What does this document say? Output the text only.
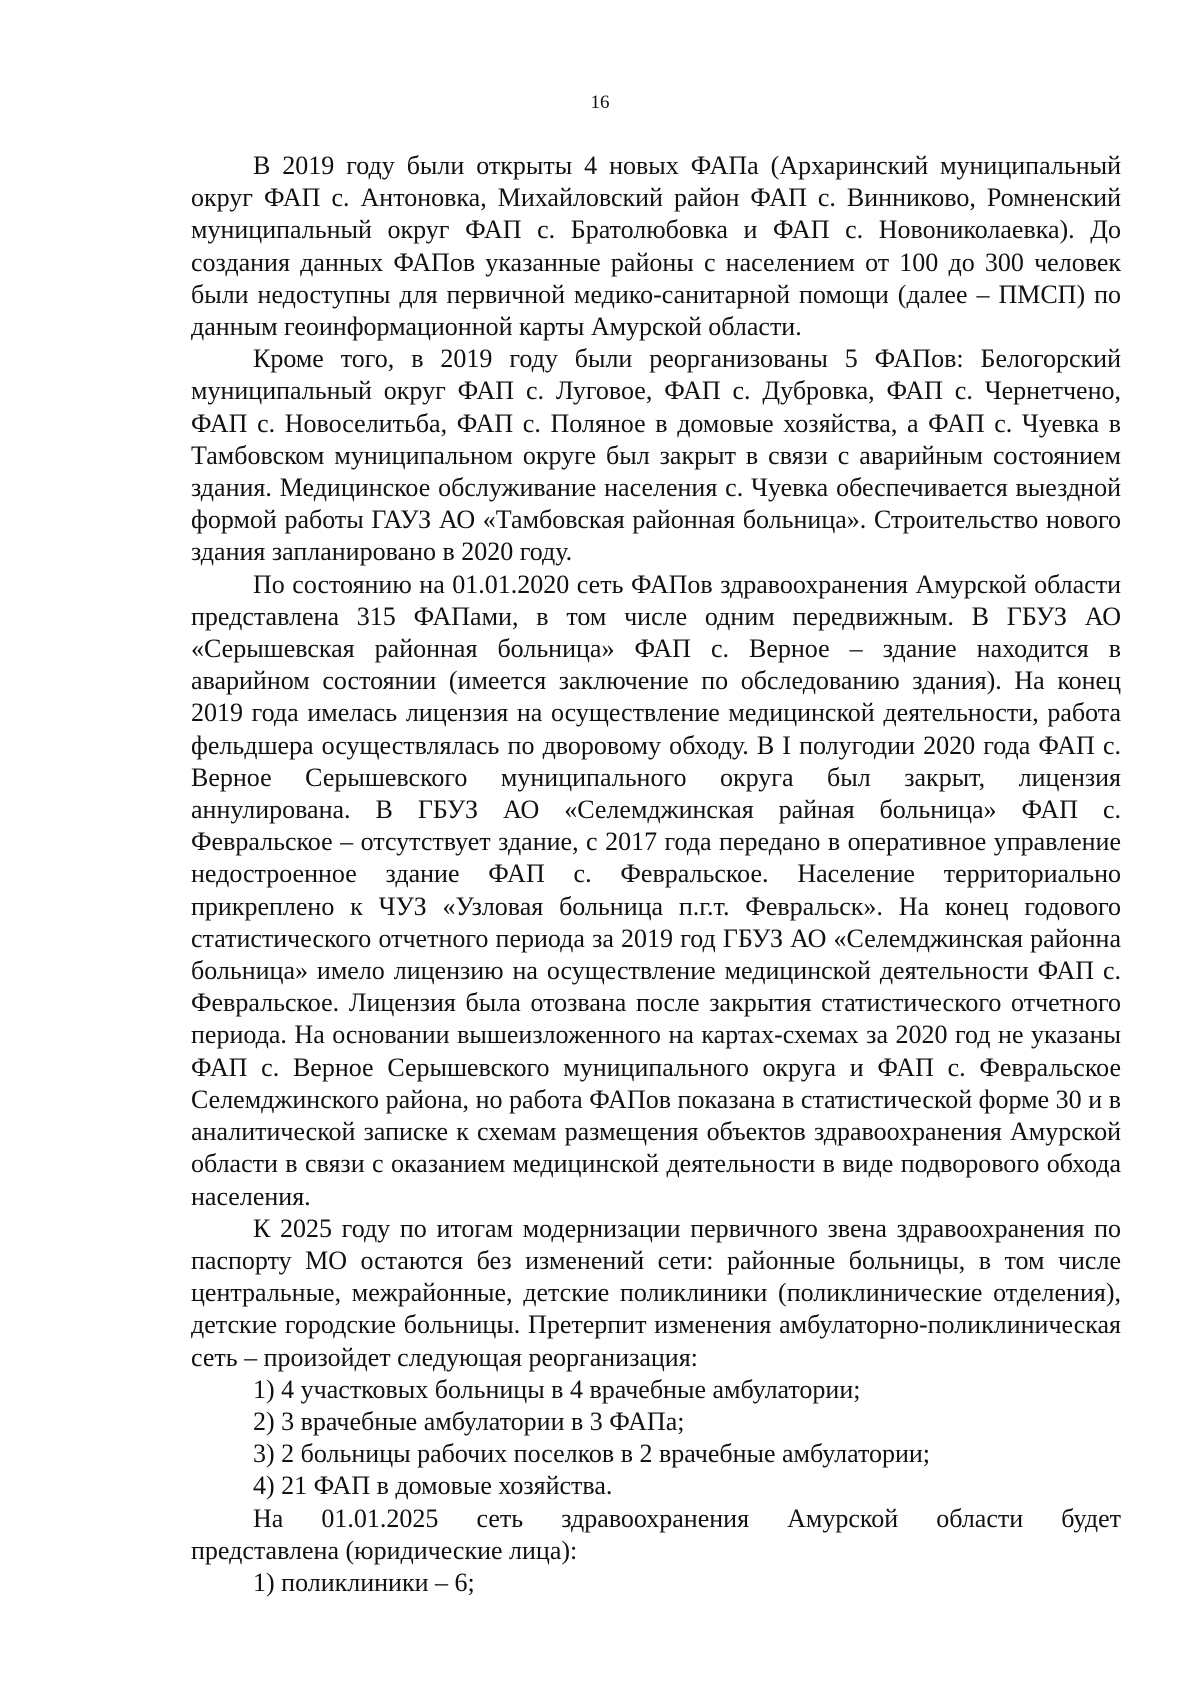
16

В 2019 году были открыты 4 новых ФАПа (Архаринский муниципальный округ ФАП с. Антоновка, Михайловский район ФАП с. Винниково, Ромненский муниципальный округ ФАП с. Братолюбовка и ФАП с. Новониколаевка). До создания данных ФАПов указанные районы с населением от 100 до 300 человек были недоступны для первичной медико-санитарной помощи (далее – ПМСП) по данным геоинформационной карты Амурской области.

Кроме того, в 2019 году были реорганизованы 5 ФАПов: Белогорский муниципальный округ ФАП с. Луговое, ФАП с. Дубровка, ФАП с. Чернетчено, ФАП с. Новоселитьба, ФАП с. Поляное в домовые хозяйства, а ФАП с. Чуевка в Тамбовском муниципальном округе был закрыт в связи с аварийным состоянием здания. Медицинское обслуживание населения с. Чуевка обеспечивается выездной формой работы ГАУЗ АО «Тамбовская районная больница». Строительство нового здания запланировано в 2020 году.

По состоянию на 01.01.2020 сеть ФАПов здравоохранения Амурской области представлена 315 ФАПами, в том числе одним передвижным. В ГБУЗ АО «Серышевская районная больница» ФАП с. Верное – здание находится в аварийном состоянии (имеется заключение по обследованию здания). На конец 2019 года имелась лицензия на осуществление медицинской деятельности, работа фельдшера осуществлялась по дворовому обходу. В I полугодии 2020 года ФАП с. Верное Серышевского муниципального округа был закрыт, лицензия аннулирована. В ГБУЗ АО «Селемджинская райная больница» ФАП с. Февральское – отсутствует здание, с 2017 года передано в оперативное управление недостроенное здание ФАП с. Февральское. Население территориально прикреплено к ЧУЗ «Узловая больница п.г.т. Февральск». На конец годового статистического отчетного периода за 2019 год ГБУЗ АО «Селемджинская районна больница» имело лицензию на осуществление медицинской деятельности ФАП с. Февральское. Лицензия была отозвана после закрытия статистического отчетного периода. На основании вышеизложенного на картах-схемах за 2020 год не указаны ФАП с. Верное Серышевского муниципального округа и ФАП с. Февральское Селемджинского района, но работа ФАПов показана в статистической форме 30 и в аналитической записке к схемам размещения объектов здравоохранения Амурской области в связи с оказанием медицинской деятельности в виде подворового обхода населения.

К 2025 году по итогам модернизации первичного звена здравоохранения по паспорту МО остаются без изменений сети: районные больницы, в том числе центральные, межрайонные, детские поликлиники (поликлинические отделения), детские городские больницы. Претерпит изменения амбулаторно-поликлиническая сеть – произойдет следующая реорганизация:

1) 4 участковых больницы в 4 врачебные амбулатории;

2) 3 врачебные амбулатории в 3 ФАПа;

3) 2 больницы рабочих поселков в 2 врачебные амбулатории;

4) 21 ФАП в домовые хозяйства.

На 01.01.2025 сеть здравоохранения Амурской области будет

представлена (юридические лица):

1) поликлиники – 6;
